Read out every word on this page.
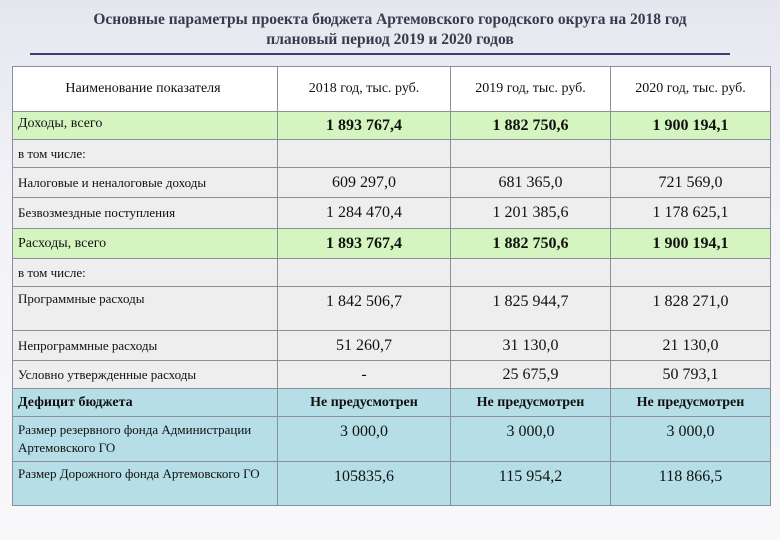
Основные параметры проекта бюджета Артемовского городского округа на 2018 год
плановый период 2019 и 2020 годов
Наименование показателя	2018 год, тыс. руб.	2019 год, тыс. руб.	2020 год, тыс. руб.
Доходы, всего	1 893 767,4	1 882 750,6	1 900 194,1
в том числе:			
Налоговые и неналоговые доходы	609 297,0	681 365,0	721 569,0
Безвозмездные поступления	1 284 470,4	1 201 385,6	1 178 625,1
Расходы, всего	1 893 767,4	1 882 750,6	1 900 194,1
в том числе:			
Программные расходы	1 842 506,7	1 825 944,7	1 828 271,0
Непрограммные расходы	51 260,7	31 130,0	21 130,0
Условно утвержденные расходы	-	25 675,9	50 793,1
Дефицит бюджета	Не предусмотрен	Не предусмотрен	Не предусмотрен
Размер резервного фонда Администрации Артемовского ГО	3 000,0	3 000,0	3 000,0
Размер Дорожного фонда Артемовского ГО	105835,6	115 954,2	118 866,5
